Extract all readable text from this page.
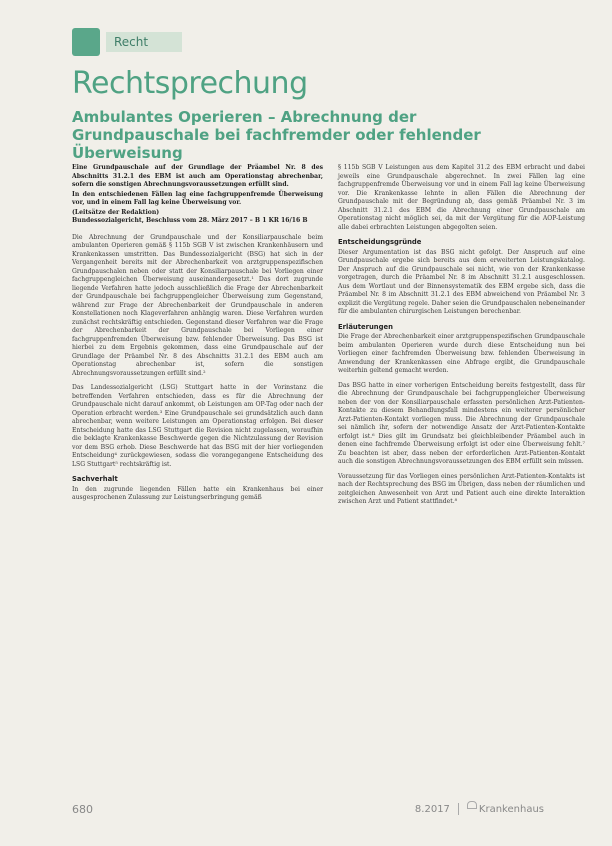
Recht
Rechtsprechung
Ambulantes Operieren – Abrechnung der Grundpauschale bei fachfremder oder fehlender Überweisung

Eine Grundpauschale auf der Grundlage der Präambel Nr. 8 des Abschnitts 31.2.1 des EBM ist auch am Operationstag abrechenbar, sofern die sonstigen Abrechnungsvoraussetzungen erfüllt sind.

In den entschiedenen Fällen lag eine fachgruppenfremde Überweisung vor, und in einem Fall lag keine Überweisung vor.

(Leitsätze der Redaktion)
Bundessozialgericht, Beschluss vom 28. März 2017 – B 1 KR 16/16 B

Die Abrechnung der Grundpauschale und der Konsiliarpauschale beim ambulanten Operieren gemäß § 115b SGB V ist zwischen Krankenhäusern und Krankenkassen umstritten. Das Bundessozialgericht (BSG) hat sich in der Vergangenheit bereits mit der Abrechenbarkeit von arztgruppenspezifischen Grundpauschalen neben oder statt der Konsiliarpauschale bei Vorliegen einer fachgruppengleichen Überweisung auseinandergesetzt.¹ Das dort zugrunde liegende Verfahren hatte jedoch ausschließlich die Frage der Abrechenbarkeit der Grundpauschale bei fachgruppengleicher Überweisung zum Gegenstand, während zur Frage der Abrechenbarkeit der Grundpauschale in anderen Konstellationen noch Klageverfahren anhängig waren. Diese Verfahren wurden zunächst rechtskräftig entschieden. Gegenstand dieser Verfahren war die Frage der Abrechenbarkeit der Grundpauschale bei Vorliegen einer fachgruppenfremden Überweisung bzw. fehlender Überweisung. Das BSG ist hierbei zu dem Ergebnis gekommen, dass eine Grundpauschale auf der Grundlage der Präambel Nr. 8 des Abschnitts 31.2.1 des EBM auch am Operationstag abrechenbar ist, sofern die sonstigen Abrechnungsvoraussetzungen erfüllt sind.²

Das Landessozialgericht (LSG) Stuttgart hatte in der Vorinstanz die betreffenden Verfahren entschieden, dass es für die Abrechnung der Grundpauschale nicht darauf ankommt, ob Leistungen am OP-Tag oder nach der Operation erbracht werden.³ Eine Grundpauschale sei grundsätzlich auch dann abrechenbar, wenn weitere Leistungen am Operationstag erfolgen. Bei dieser Entscheidung hatte das LSG Stuttgart die Revision nicht zugelassen, woraufhin die beklagte Krankenkasse Beschwerde gegen die Nichtzulassung der Revision vor dem BSG erhob. Diese Beschwerde hat das BSG mit der hier vorliegenden Entscheidung⁴ zurückgewiesen, sodass die vorangegangene Entscheidung des LSG Stuttgart⁵ rechtskräftig ist.

Sachverhalt

In den zugrunde liegenden Fällen hatte ein Krankenhaus bei einer ausgesprochenen Zulassung zur Leistungserbringung gemäß

§ 115b SGB V Leistungen aus dem Kapitel 31.2 des EBM erbracht und dabei jeweils eine Grundpauschale abgerechnet. In zwei Fällen lag eine fachgruppenfremde Überweisung vor und in einem Fall lag keine Überweisung vor. Die Krankenkasse lehnte in allen Fällen die Abrechnung der Grundpauschale mit der Begründung ab, dass gemäß Präambel Nr. 3 im Abschnitt 31.2.1 des EBM die Abrechnung einer Grundpauschale am Operationstag nicht möglich sei, da mit der Vergütung für die AOP-Leistung alle dabei erbrachten Leistungen abgegolten seien.

Entscheidungsgründe

Dieser Argumentation ist das BSG nicht gefolgt. Der Anspruch auf eine Grundpauschale ergebe sich bereits aus dem erweiterten Leistungskatalog. Der Anspruch auf die Grundpauschale sei nicht, wie von der Krankenkasse vorgetragen, durch die Präambel Nr. 8 im Abschnitt 31.2.1 ausgeschlossen. Aus dem Wortlaut und der Binnensystematik des EBM ergebe sich, dass die Präambel Nr. 8 im Abschnitt 31.2.1 des EBM abweichend von Präambel Nr. 3 explizit die Vergütung regele. Daher seien die Grundpauschalen nebeneinander für die ambulanten chirurgischen Leistungen berechenbar.

Erläuterungen

Die Frage der Abrechenbarkeit einer arztgruppenspezifischen Grundpauschale beim ambulanten Operieren wurde durch diese Entscheidung nun bei Vorliegen einer fachfremden Überweisung bzw. fehlenden Überweisung in Anwendung der Krankenkassen eine Abfrage ergibt, die Grundpauschale weiterhin geltend gemacht werden.

Das BSG hatte in einer vorherigen Entscheidung bereits festgestellt, dass für die Abrechnung der Grundpauschale bei fachgruppengleicher Überweisung neben der von der Konsiliarpauschale erfassten persönlichen Arzt-Patienten-Kontakte zu diesem Behandlungsfall mindestens ein weiterer persönlicher Arzt-Patienten-Kontakt vorliegen muss. Die Abrechnung der Grundpauschale sei nämlich ihr, sofern der notwendige Ansatz der Arzt-Patienten-Kontakte erfolgt ist.⁶ Dies gilt im Grundsatz bei gleichbleibender Präambel auch in denen eine fachfremde Überweisung erfolgt ist oder eine Überweisung fehlt.⁷ Zu beachten ist aber, dass neben der erforderlichen Arzt-Patienten-Kontakt auch die sonstigen Abrechnungsvoraussetzungen des EBM erfüllt sein müssen.

Voraussetzung für das Vorliegen eines persönlichen Arzt-Patienten-Kontakts ist nach der Rechtsprechung des BSG im Übrigen, dass neben der räumlichen und zeitgleichen Anwesenheit von Arzt und Patient auch eine direkte Interaktion zwischen Arzt und Patient stattfindet.⁸

680	8.2017	Krankenhaus
